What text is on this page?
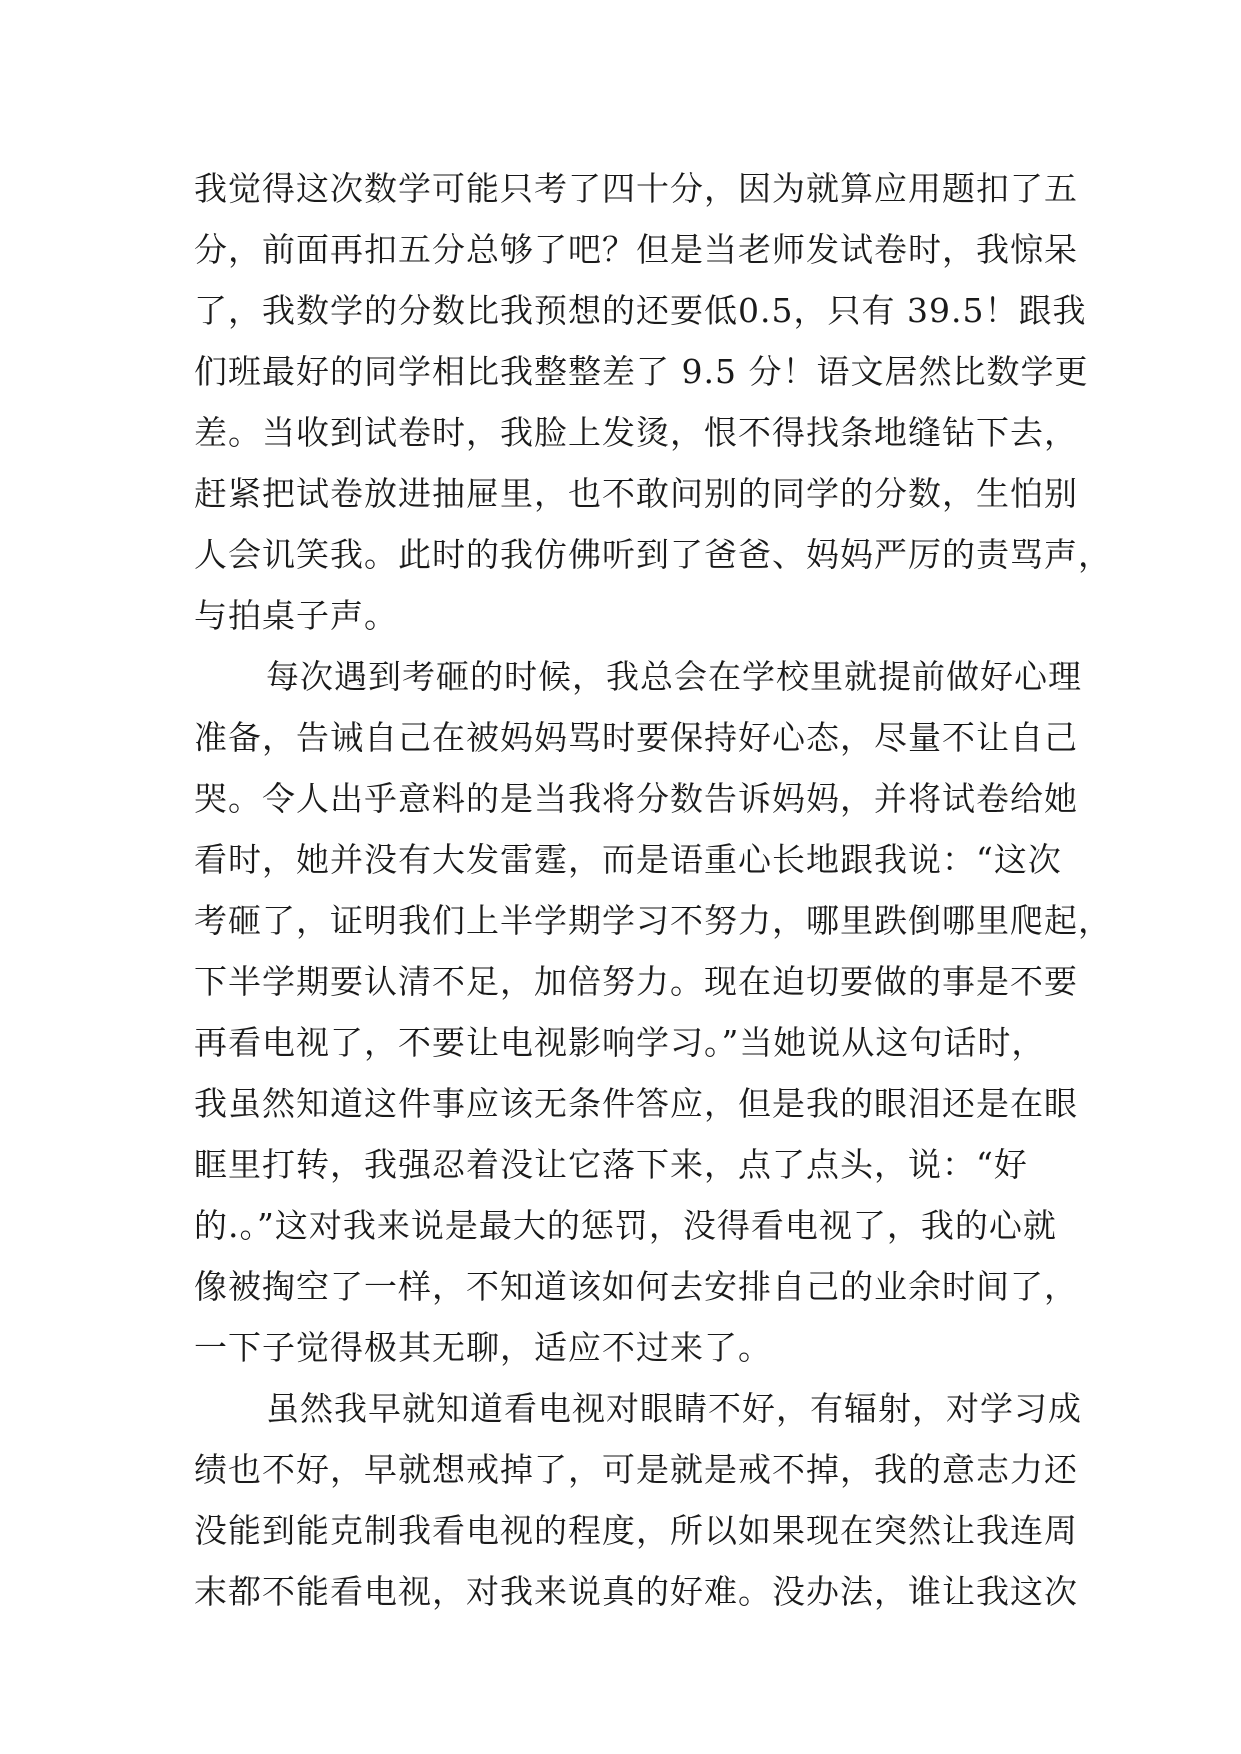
我觉得这次数学可能只考了四十分，因为就算应用题扣了五
分，前面再扣五分总够了吧？但是当老师发试卷时，我惊呆
了，我数学的分数比我预想的还要低0.5，只有 39.5！跟我
们班最好的同学相比我整整差了 9.5 分！语文居然比数学更
差。当收到试卷时，我脸上发烫，恨不得找条地缝钻下去，
赶紧把试卷放进抽屉里，也不敢问别的同学的分数，生怕别
人会讥笑我。此时的我仿佛听到了爸爸、妈妈严厉的责骂声，
与拍桌子声。
每次遇到考砸的时候，我总会在学校里就提前做好心理
准备，告诫自己在被妈妈骂时要保持好心态，尽量不让自己
哭。令人出乎意料的是当我将分数告诉妈妈，并将试卷给她
看时，她并没有大发雷霆，而是语重心长地跟我说：“这次
考砸了，证明我们上半学期学习不努力，哪里跌倒哪里爬起，
下半学期要认清不足，加倍努力。现在迫切要做的事是不要
再看电视了，不要让电视影响学习。”当她说从这句话时，
我虽然知道这件事应该无条件答应，但是我的眼泪还是在眼
眶里打转，我强忍着没让它落下来，点了点头，说：“好
的.。”这对我来说是最大的惩罚，没得看电视了，我的心就
像被掏空了一样，不知道该如何去安排自己的业余时间了，
一下子觉得极其无聊，适应不过来了。
虽然我早就知道看电视对眼睛不好，有辐射，对学习成
绩也不好，早就想戒掉了，可是就是戒不掉，我的意志力还
没能到能克制我看电视的程度，所以如果现在突然让我连周
末都不能看电视，对我来说真的好难。没办法，谁让我这次
